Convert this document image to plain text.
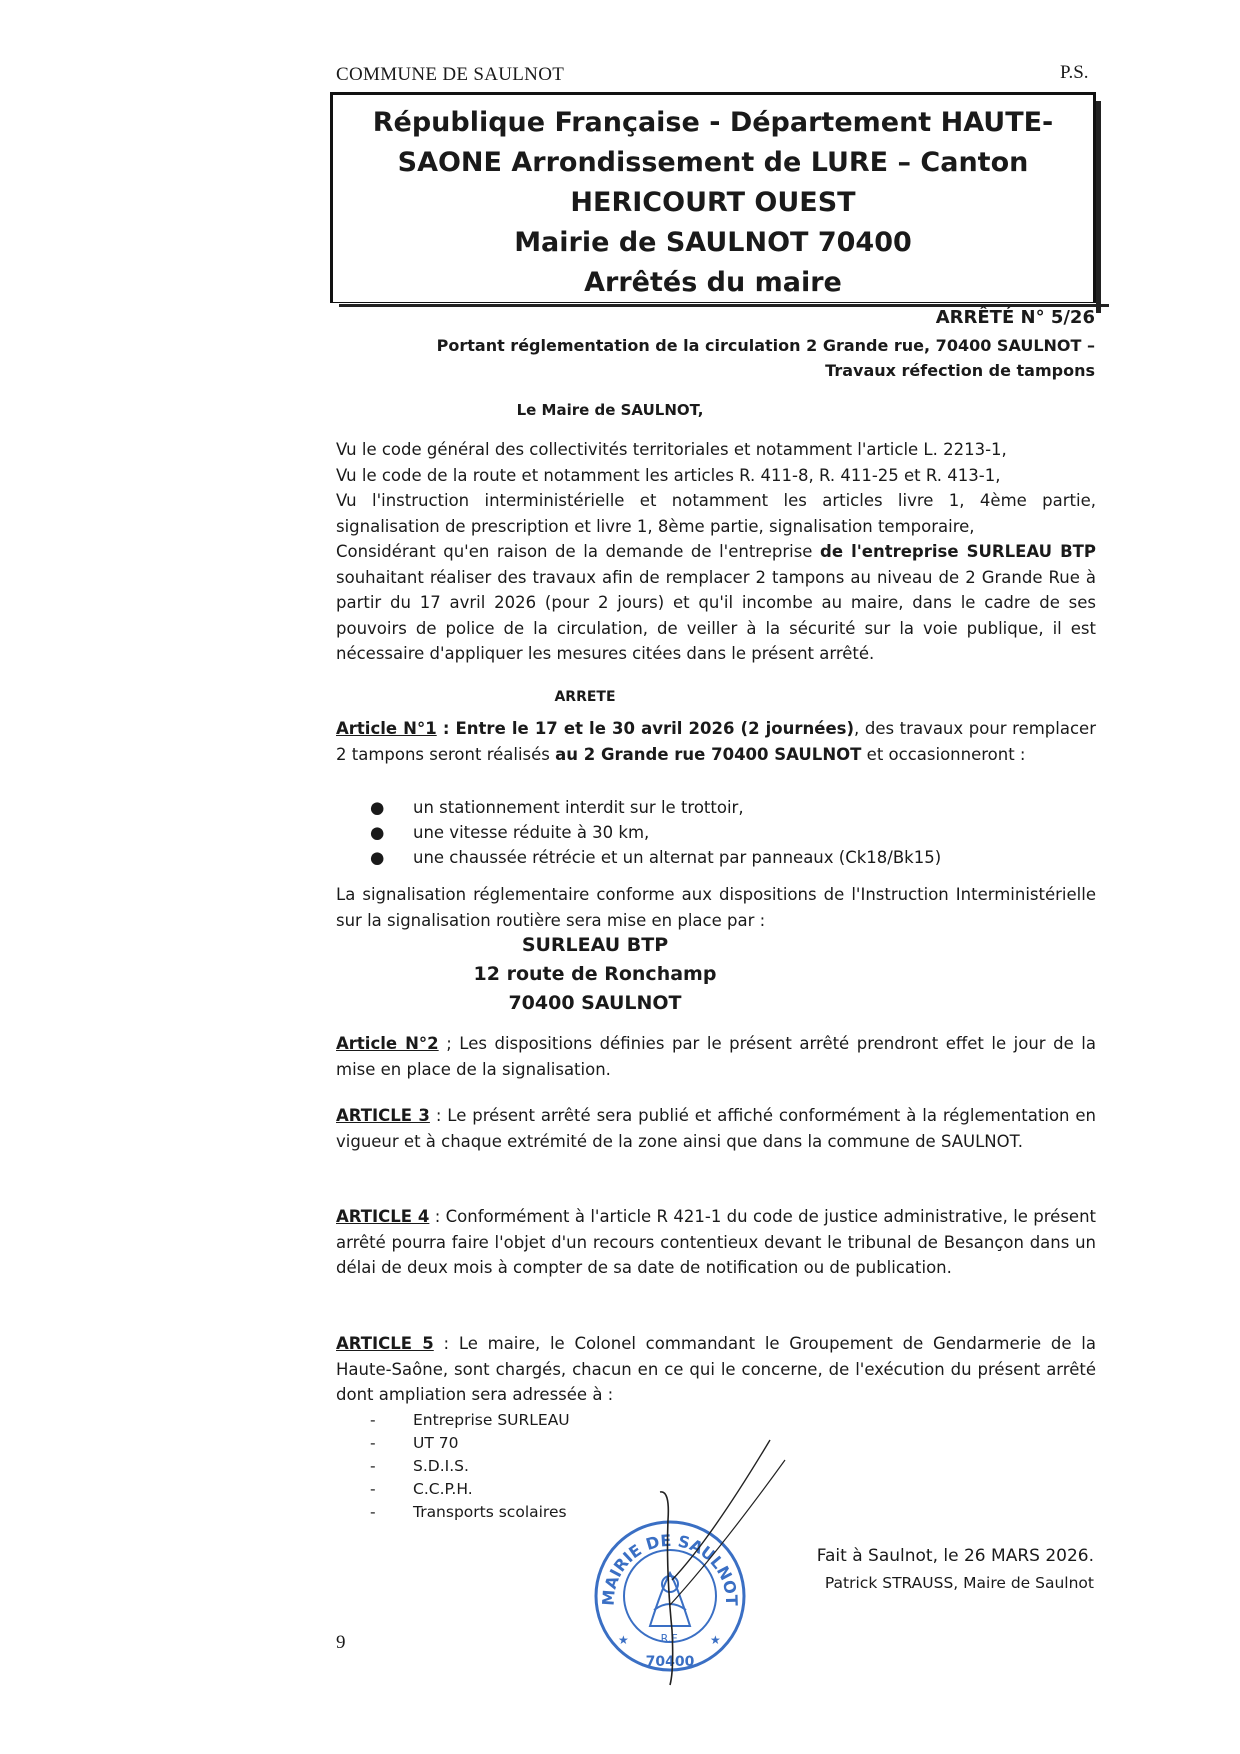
COMMUNE DE SAULNOT	P.S.
République Française - Département HAUTE-
SAONE Arrondissement de LURE – Canton
HERICOURT OUEST
Mairie de SAULNOT 70400
Arrêtés du maire
ARRÊTÉ N° 5/26
Portant réglementation de la circulation 2 Grande rue, 70400 SAULNOT –
Travaux réfection de tampons
Le Maire de SAULNOT,
Vu le code général des collectivités territoriales et notamment l'article L. 2213-1,
Vu le code de la route et notamment les articles R. 411-8, R. 411-25 et R. 413-1,
Vu l'instruction interministérielle et notamment les articles livre 1, 4ème partie,
signalisation de prescription et livre 1, 8ème partie, signalisation temporaire,
Considérant qu'en raison de la demande de l'entreprise de l'entreprise SURLEAU BTP souhaitant réaliser des travaux afin de remplacer 2 tampons au niveau de 2 Grande Rue à partir du 17 avril 2026 (pour 2 jours) et qu'il incombe au maire, dans le cadre de ses pouvoirs de police de la circulation, de veiller à la sécurité sur la voie publique, il est nécessaire d'appliquer les mesures citées dans le présent arrêté.
ARRETE
Article N°1 : Entre le 17 et le 30 avril 2026 (2 journées), des travaux pour remplacer 2 tampons seront réalisés au 2 Grande rue 70400 SAULNOT et occasionneront :
● un stationnement interdit sur le trottoir,
● une vitesse réduite à 30 km,
● une chaussée rétrécie et un alternat par panneaux (Ck18/Bk15)
La signalisation réglementaire conforme aux dispositions de l'Instruction Interministérielle sur la signalisation routière sera mise en place par :
SURLEAU BTP
12 route de Ronchamp
70400 SAULNOT
Article N°2 ; Les dispositions définies par le présent arrêté prendront effet le jour de la mise en place de la signalisation.
ARTICLE 3 : Le présent arrêté sera publié et affiché conformément à la réglementation en vigueur et à chaque extrémité de la zone ainsi que dans la commune de SAULNOT.
ARTICLE 4 : Conformément à l'article R 421-1 du code de justice administrative, le présent arrêté pourra faire l'objet d'un recours contentieux devant le tribunal de Besançon dans un délai de deux mois à compter de sa date de notification ou de publication.
ARTICLE 5 : Le maire, le Colonel commandant le Groupement de Gendarmerie de la Haute-Saône, sont chargés, chacun en ce qui le concerne, de l'exécution du présent arrêté dont ampliation sera adressée à :
- Entreprise SURLEAU
- UT 70
- S.D.I.S.
- C.C.P.H.
- Transports scolaires
MAIRIE DE SAULNOT
R.F.
70400
★	★
Fait à Saulnot, le 26 MARS 2026.
Patrick STRAUSS, Maire de Saulnot
9
